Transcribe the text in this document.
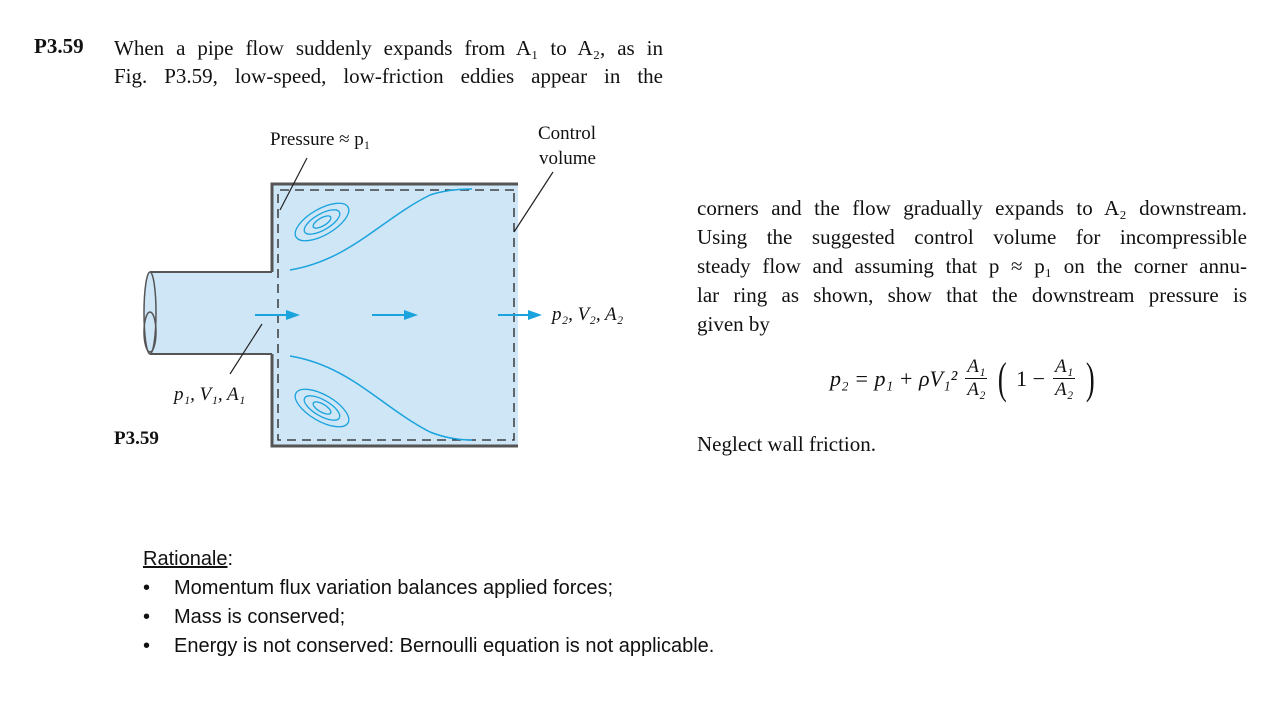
P3.59 When a pipe flow suddenly expands from A₁ to A₂, as in
Fig. P3.59, low-speed, low-friction eddies appear in the
Pressure ≈ p₁	Control
volume
p₁, V₁, A₁
p₂, V₂, A₂
P3.59
corners and the flow gradually expands to A₂ downstream.
Using the suggested control volume for incompressible
steady flow and assuming that p ≈ p₁ on the corner annu-
lar ring as shown, show that the downstream pressure is
given by
$p_2 = p_1 + \rho V_1^2 \frac{\text{A₁}}{\text{A₂}}$ ( $1 - \frac{\text{A₁}}{\text{A₂}}$ )
Neglect wall friction.
Rationale:
• Momentum flux variation balances applied forces;
• Mass is conserved;
• Energy is not conserved: Bernoulli equation is not applicable.
